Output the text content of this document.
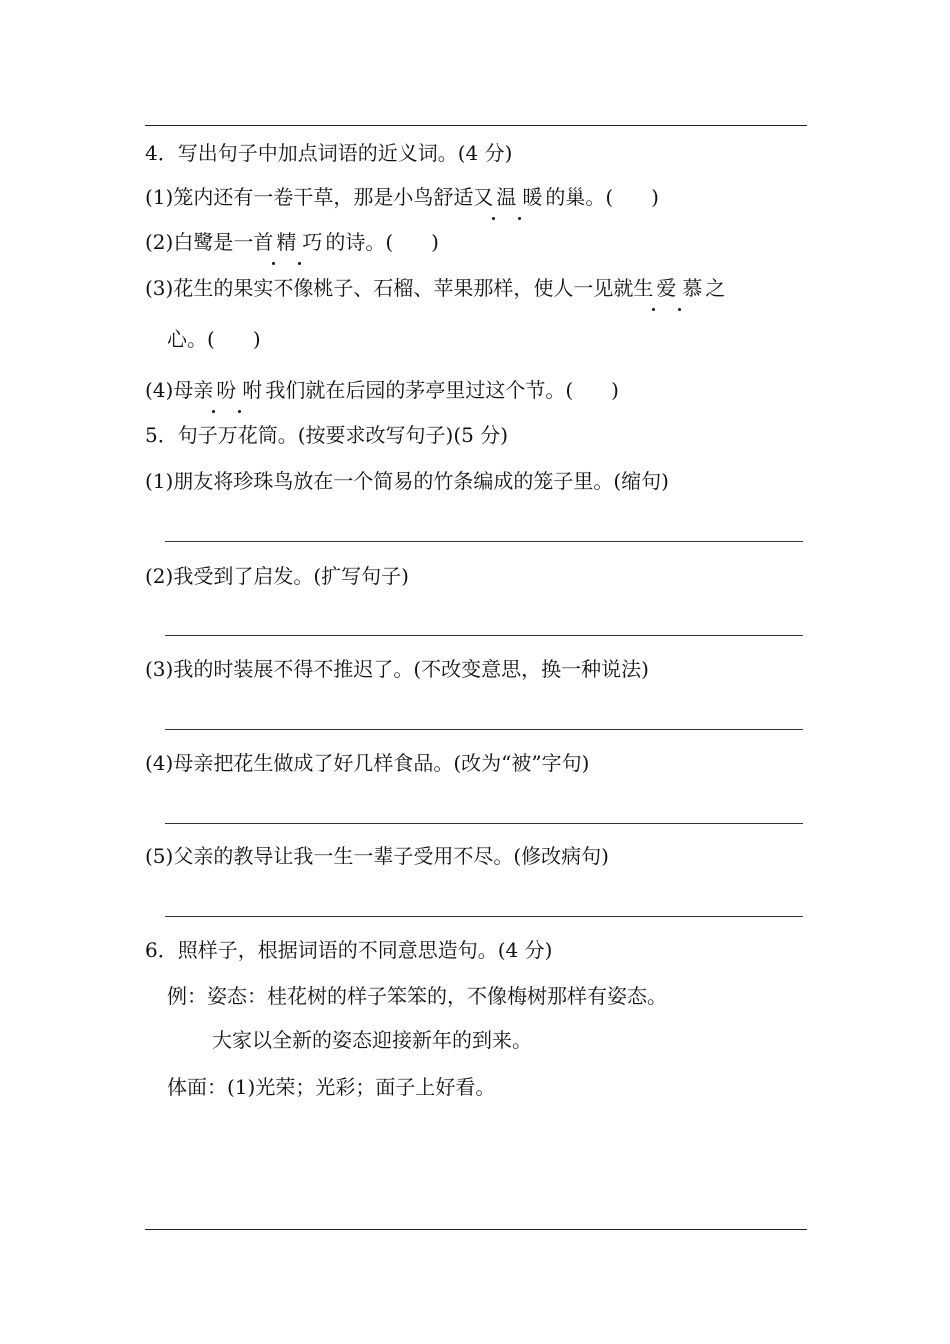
4．写出句子中加点词语的近义词。(4 分)
(1)笼内还有一卷干草，那是小鸟舒适又 温 暖 的巢。( )
(2)白鹭是一首 精 巧 的诗。( )
(3)花生的果实不像桃子、石榴、苹果那样，使人一见就生 爱 慕 之
心。( )
(4)母亲 吩 咐 我们就在后园的茅亭里过这个节。( )
5．句子万花筒。(按要求改写句子)(5 分)
(1)朋友将珍珠鸟放在一个简易的竹条编成的笼子里。(缩句)
(2)我受到了启发。(扩写句子)
(3)我的时装展不得不推迟了。(不改变意思，换一种说法)
(4)母亲把花生做成了好几样食品。(改为“被”字句)
(5)父亲的教导让我一生一辈子受用不尽。(修改病句)
6．照样子，根据词语的不同意思造句。(4 分)
例：姿态：桂花树的样子笨笨的，不像梅树那样有姿态。
大家以全新的姿态迎接新年的到来。
体面：(1)光荣；光彩；面子上好看。
